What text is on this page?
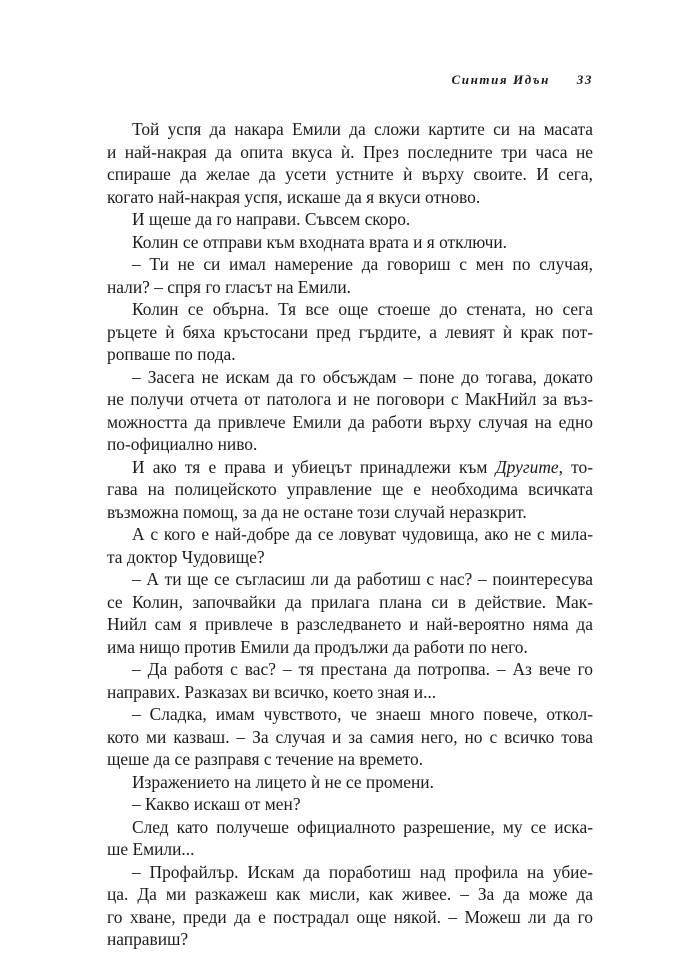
Синтия Идън 33
Той успя да накара Емили да сложи картите си на масата
и най-накрая да опита вкуса ѝ. През последните три часа не
спираше да желае да усети устните ѝ върху своите. И сега,
когато най-накрая успя, искаше да я вкуси отново.
И щеше да го направи. Съвсем скоро.
Колин се отправи към входната врата и я отключи.
– Ти не си имал намерение да говориш с мен по случая,
нали? – спря го гласът на Емили.
Колин се обърна. Тя все още стоеше до стената, но сега
ръцете ѝ бяха кръстосани пред гърдите, а левият ѝ крак пот-
ропваше по пода.
– Засега не искам да го обсъждам – поне до тогава, докато
не получи отчета от патолога и не поговори с МакНийл за въз-
можността да привлече Емили да работи върху случая на едно
по-официално ниво.
И ако тя е права и убиецът принадлежи към Другите, то-
гава на полицейското управление ще е необходима всичката
възможна помощ, за да не остане този случай неразкрит.
А с кого е най-добре да се ловуват чудовища, ако не с мила-
та доктор Чудовище?
– А ти ще се съгласиш ли да работиш с нас? – поинтересува
се Колин, започвайки да прилага плана си в действие. Мак-
Нийл сам я привлече в разследването и най-вероятно няма да
има нищо против Емили да продължи да работи по него.
– Да работя с вас? – тя престана да потропва. – Аз вече го
направих. Разказах ви всичко, което зная и...
– Сладка, имам чувството, че знаеш много повече, откол-
кото ми казваш. – За случая и за самия него, но с всичко това
щеше да се разправя с течение на времето.
Изражението на лицето ѝ не се промени.
– Какво искаш от мен?
След като получеше официалното разрешение, му се иска-
ше Емили...
– Профайлър. Искам да поработиш над профила на убие-
ца. Да ми разкажеш как мисли, как живее. – За да може да
го хване, преди да е пострадал още някой. – Можеш ли да го
направиш?
